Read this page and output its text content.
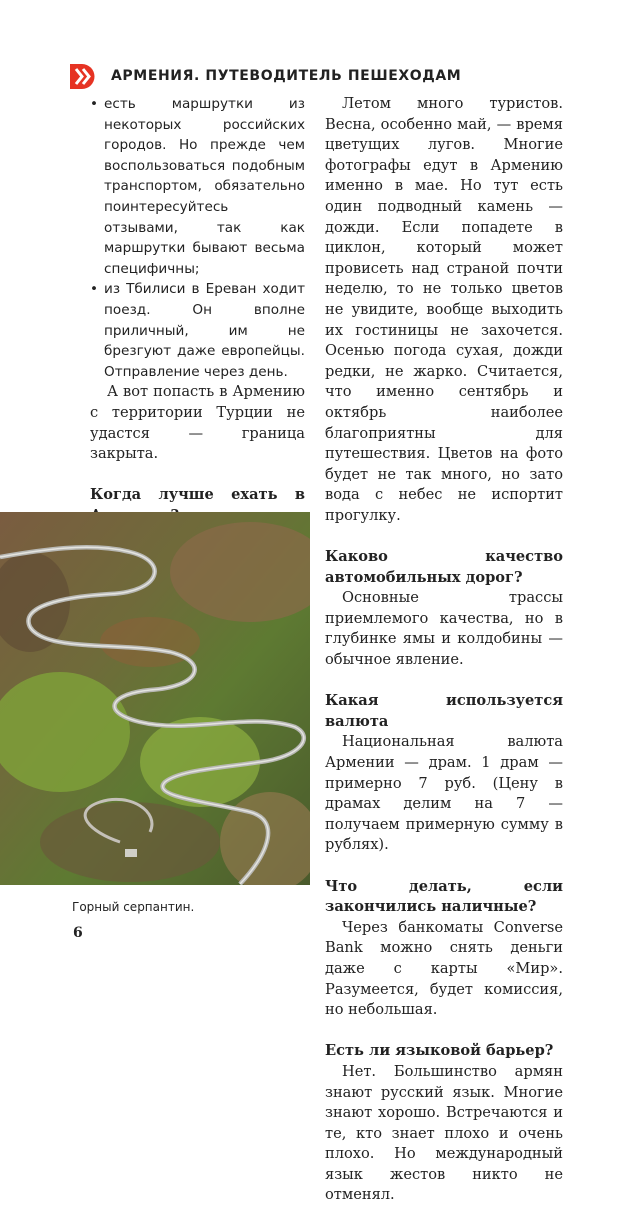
АРМЕНИЯ. ПУТЕВОДИТЕЛЬ ПЕШЕХОДАМ
• есть маршрутки из некоторых российских городов. Но прежде чем воспользоваться подобным транспортом, обязательно поинтересуйтесь отзывами, так как маршрутки бывают весьма специфичны;

• из Тбилиси в Ереван ходит поезд. Он вполне приличный, им не брезгуют даже европейцы. Отправление через день.

А вот попасть в Армению с территории Турции не удастся — граница закрыта.

Когда лучше ехать в

Летом много туристов. Весна, особенно май, — время цветущих лугов. Многие фотографы едут в Армению именно в мае. Но тут есть один подводный камень — дожди. Если попадете в циклон, который может провисеть над страной почти неделю, то не только цветов не увидите, вообще выходить их гостиницы не захочется. Осенью погода сухая, дожди редки, не жарко. Считается, что именно сентябрь и октябрь наиболее благоприятны для путешествия. Цветов на фото будет не так много, но зато вода с небес не испортит прогулку.

Каково качество автомобильных дорог?

Основные трассы приемлемого качества, но в глубинке ямы и колдобины — обычное явление.

Какая используется валюта

Национальная валюта Армении — драм. 1 драм — примерно 7 руб. (Цену в драмах делим на 7 — получаем примерную сумму в рублях).

Что делать, если закончились наличные?

Через банкоматы Converse Bank можно снять деньги даже с карты «Мир». Разумеется, будет комиссия, но небольшая.

Есть ли языковой барьер?

Нет. Большинство армян знают русский язык. Многие знают хорошо. Встречаются и те, кто знает плохо и очень плохо. Но международный язык жестов никто не отменял.

Горный серпантин.
6
